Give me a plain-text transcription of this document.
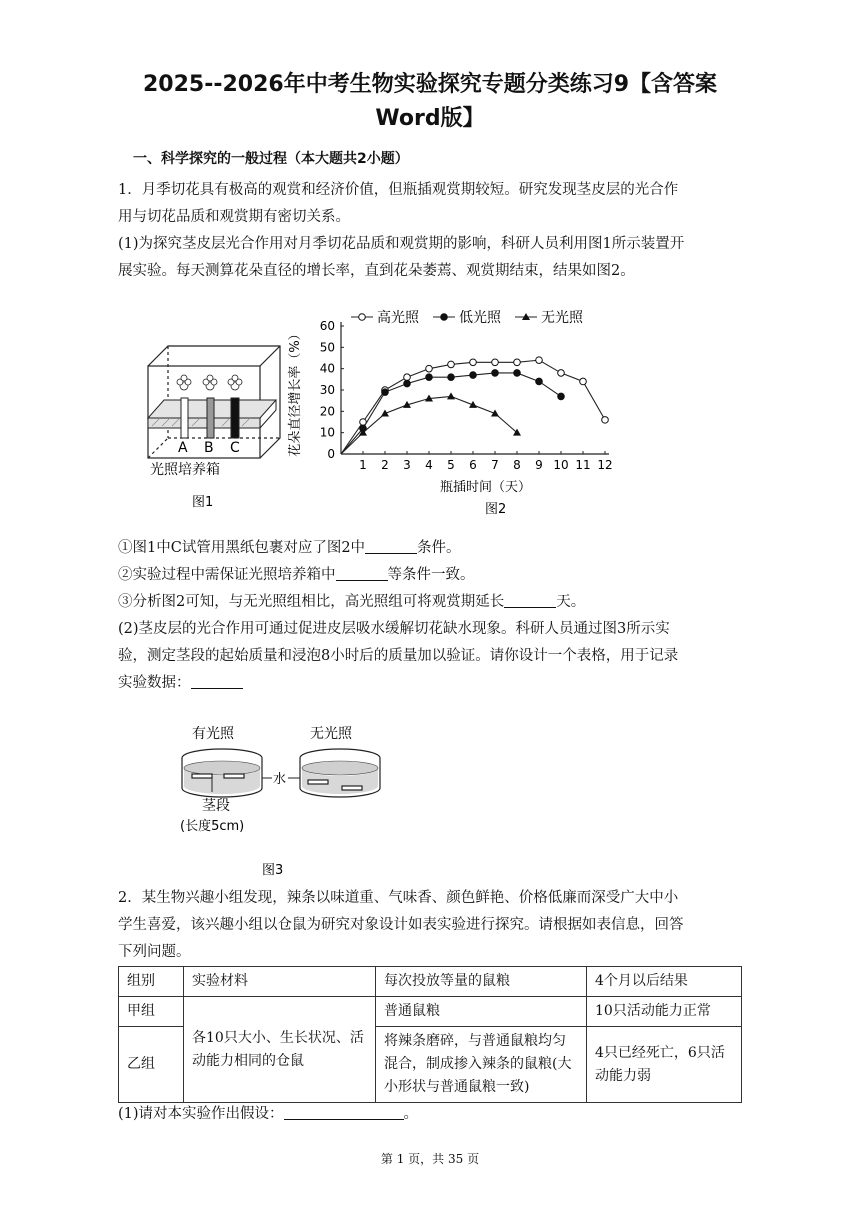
2025--2026年中考生物实验探究专题分类练习9【含答案
Word版】
一、科学探究的一般过程（本大题共2小题）
1．月季切花具有极高的观赏和经济价值，但瓶插观赏期较短。研究发现茎皮层的光合作
用与切花品质和观赏期有密切关系。
(1)为探究茎皮层光合作用对月季切花品质和观赏期的影响，科研人员利用图1所示装置开
展实验。每天测算花朵直径的增长率，直到花朵萎蔫、观赏期结束，结果如图2。
A B C
光照培养箱
图1
花朵直径增长率（%）
瓶插时间（天）
图2
高光照	低光照	无光照
1 2 3 4 5 6 7 8 9 10 11 12
0
10
20
30
40
50
60
①图1中C试管用黑纸包裹对应了图2中	条件。
②实验过程中需保证光照培养箱中	等条件一致。
③分析图2可知，与无光照组相比，高光照组可将观赏期延长	天。
(2)茎皮层的光合作用可通过促进皮层吸水缓解切花缺水现象。科研人员通过图3所示实
验，测定茎段的起始质量和浸泡8小时后的质量加以验证。请你设计一个表格，用于记录
实验数据：
有光照	无光照
水
茎段
(长度5cm)
图3
2．某生物兴趣小组发现，辣条以味道重、气味香、颜色鲜艳、价格低廉而深受广大中小
学生喜爱，该兴趣小组以仓鼠为研究对象设计如表实验进行探究。请根据如表信息，回答
下列问题。
组别	实验材料	每次投放等量的鼠粮	4个月以后结果
甲组	各10只大小、生长状况、活动能力相同的仓鼠	普通鼠粮	10只活动能力正常
乙组		将辣条磨碎，与普通鼠粮均匀混合，制成掺入辣条的鼠粮(大小形状与普通鼠粮一致)	4只已经死亡，6只活动能力弱
(1)请对本实验作出假设：	。
第 1 页，共 35 页
